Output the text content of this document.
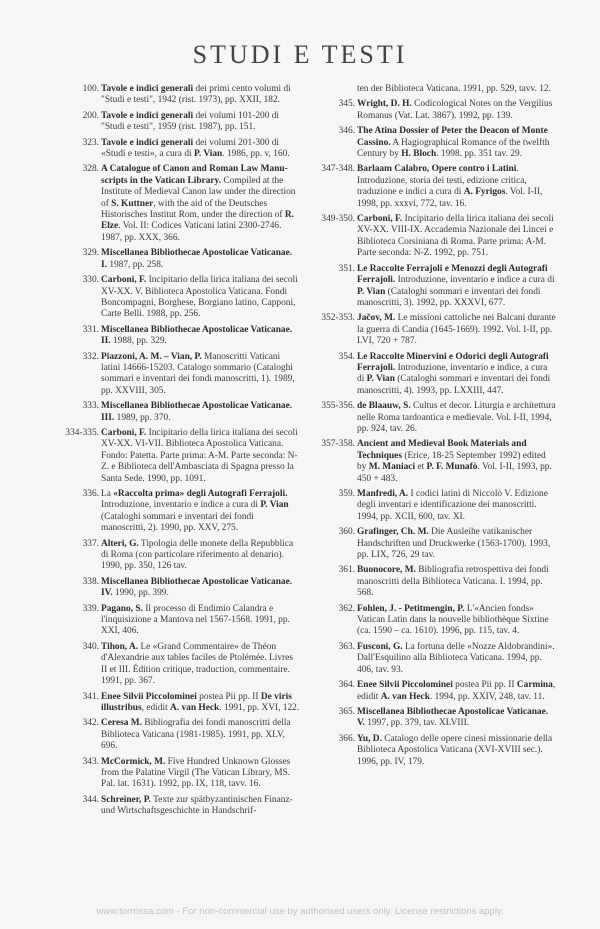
STUDI E TESTI
100. Tavole e indici generali dei primi cento volumi di "Studi e testi", 1942 (rist. 1973), pp. XXII, 182.
200. Tavole e indici generali dei volumi 101-200 di "Studi e testi", 1959 (rist. 1987), pp. 151.
323. Tavole e indici generali dei volumi 201-300 di «Studi e testi», a cura di P. Vian. 1986, pp. v, 160.
328. A Catalogue of Canon and Roman Law Manuscripts in the Vatican Library. Compiled at the Institute of Medieval Canon law under the direction of S. Kuttner, with the aid of the Deutsches Historisches Institut Rom, under the direction of R. Elze. Vol. II: Codices Vaticani latini 2300-2746. 1987, pp. XXX, 366.
329. Miscellanea Bibliothecae Apostolicae Vaticanae. I. 1987, pp. 258.
330. Carboni, F. Incipitario della lirica italiana dei secoli XV-XX. V. Biblioteca Apostolica Vaticana. Fondi Boncompagni, Borghese, Borgiano latino, Capponi, Carte Belli. 1988, pp. 256.
331. Miscellanea Bibliothecae Apostolicae Vaticanae. II. 1988, pp. 329.
332. Piazzoni, A. M. – Vian, P. Manoscritti Vaticani latini 14666-15203. Catalogo sommario (Cataloghi sommari e inventari dei fondi manoscritti, 1). 1989, pp. XXVIII, 305.
333. Miscellanea Bibliothecae Apostolicae Vaticanae. III. 1989, pp. 370.
334-335. Carboni, F. Incipitario della lirica italiana dei secoli XV-XX. VI-VII. Biblioteca Apostolica Vaticana. Fondo: Patetta. Parte prima: A-M. Parte seconda: N-Z. e Biblioteca dell'Ambasciata di Spagna presso la Santa Sede. 1990, pp. 1091.
336. La «Raccolta prima» degli Autografi Ferrajoli. Introduzione, inventario e indice a cura di P. Vian (Cataloghi sommari e inventari dei fondi manoscritti, 2). 1990, pp. XXV, 275.
337. Alteri, G. Tipologia delle monete della Repubblica di Roma (con particolare riferimento al denario). 1990, pp. 350, 126 tav.
338. Miscellanea Bibliothecae Apostolicae Vaticanae. IV. 1990, pp. 399.
339. Pagano, S. Il processo di Endimio Calandra e l'inquisizione a Mantova nel 1567-1568. 1991, pp. XXI, 406.
340. Tihon, A. Le «Grand Commentaire» de Théon d'Alexandrie aux tables faciles de Ptolémée. Livres II et III. Édition critique, traduction, commentaire. 1991, pp. 367.
341. Enee Silvii Piccolominei postea Pii pp. II De viris illustribus, edidit A. van Heck. 1991, pp. XVI, 122.
342. Ceresa M. Bibliografia dei fondi manoscritti della Biblioteca Vaticana (1981-1985). 1991, pp. XLV, 696.
343. McCormick, M. Five Hundred Unknown Glosses from the Palatine Virgil (The Vatican Library, MS. Pal. lat. 1631). 1992, pp. IX, 118, tavv. 16.
344. Schreiner, P. Texte zur spätbyzantinischen Finanz- und Wirtschaftsgeschichte in Handschrif-
ten der Biblioteca Vaticana. 1991, pp. 529, tavv. 12.
345. Wright, D. H. Codicological Notes on the Vergilius Romanus (Vat. Lat. 3867). 1992, pp. 139.
346. The Atina Dossier of Peter the Deacon of Monte Cassino. A Hagiographical Romance of the twelfth Century by H. Bloch. 1998. pp. 351 tav. 29.
347-348. Barlaam Calabro, Opere contro i Latini. Introduzione, storia dei testi, edizione critica, traduzione e indici a cura di A. Fyrigos. Vol. I-II, 1998, pp. xxxvi, 772, tav. 16.
349-350. Carboni, F. Incipitario della lirica italiana dei secoli XV-XX. VIII-IX. Accademia Nazionale dei Lincei e Biblioteca Corsiniana di Roma. Parte prima: A-M. Parte seconda: N-Z. 1992, pp. 751.
351. Le Raccolte Ferrajoli e Menozzi degli Autografi Ferrajoli. Introduzione, inventario e indice a cura di P. Vian (Cataloghi sommari e inventari dei fondi manoscritti, 3). 1992, pp. XXXVI, 677.
352-353. Jačov, M. Le missioni cattoliche nei Balcani durante la guerra di Candia (1645-1669). 1992. Vol. I-II, pp. LVI, 720 + 787.
354. Le Raccolte Minervini e Odorici degli Autografi Ferrajoli. Introduzione, inventario e indice, a cura di P. Vian (Cataloghi sommari e inventari dei fondi manoscritti, 4). 1993, pp. LXXIII, 447.
355-356. de Blaauw, S. Cultus et decor. Liturgia e architettura nelle Roma tardoantica e medievale. Vol. I-II, 1994, pp. 924, tav. 26.
357-358. Ancient and Medieval Book Materials and Techniques (Erice, 18-25 September 1992) edited by M. Maniaci et P. F. Munafò. Vol. I-II, 1993, pp. 450 + 483.
359. Manfredi, A. I codici latini di Niccolò V. Edizione degli inventari e identificazione dei manoscritti. 1994, pp. XCII, 600, tav. XI.
360. Grafinger, Ch. M. Die Ausleihe vatikanischer Handschriften und Druckwerke (1563-1700). 1993, pp. LIX, 726, 29 tav.
361. Buonocore, M. Bibliografia retrospettiva dei fondi manoscritti della Biblioteca Vaticana. I. 1994, pp. 568.
362. Fohlen, J. - Petitmengin, P. L'«Ancien fonds» Vatican Latin dans la nouvelle bibliothèque Sixtine (ca. 1590 – ca. 1610). 1996, pp. 115, tav. 4.
363. Fusconi, G. La fortuna delle «Nozze Aldobrandini». Dall'Esquilino alla Biblioteca Vaticana. 1994, pp. 406, tav. 93.
364. Enee Silvii Piccolominei postea Pii pp. II Carmina, edidit A. van Heck. 1994, pp. XXIV, 248, tav. 11.
365. Miscellanea Bibliothecae Apostolicae Vaticanae. V. 1997, pp. 379, tav. XLVIII.
366. Yu, D. Catalogo delle opere cinesi missionarie della Biblioteca Apostolica Vaticana (XVI-XVIII sec.). 1996, pp. IV, 179.
www.torrossa.com - For non-commercial use by authorised users only. License restrictions apply.
